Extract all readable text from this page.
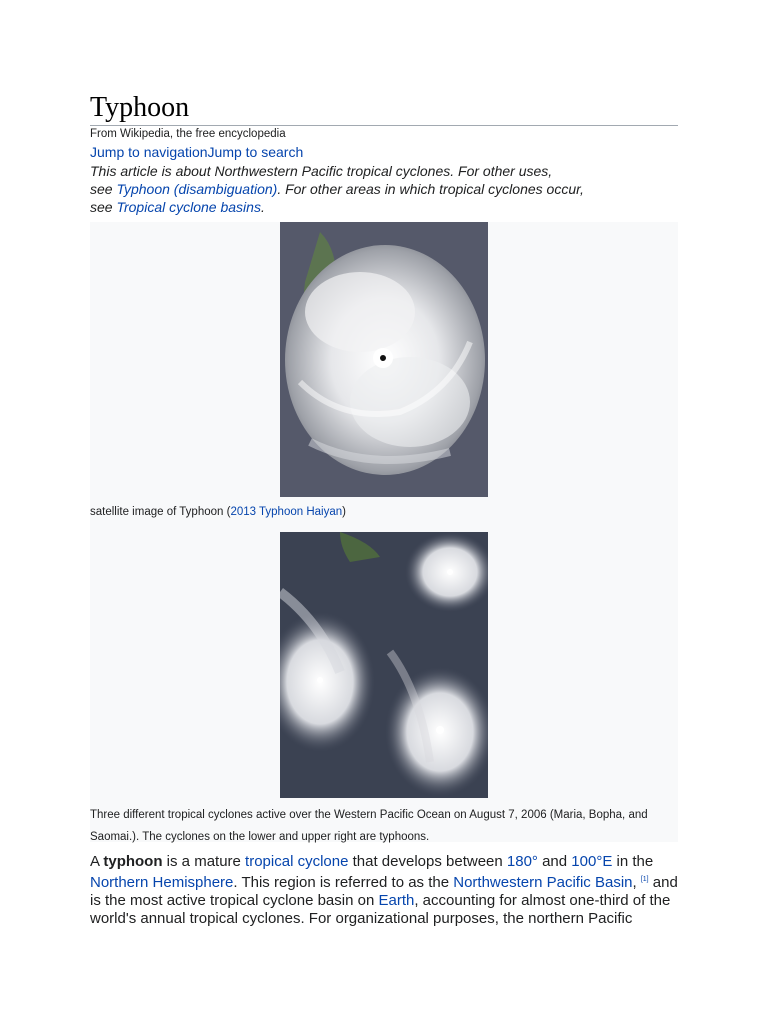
Typhoon
From Wikipedia, the free encyclopedia
Jump to navigationJump to search
This article is about Northwestern Pacific tropical cyclones. For other uses,
see Typhoon (disambiguation). For other areas in which tropical cyclones occur,
see Tropical cyclone basins.
satellite image of Typhoon (2013 Typhoon Haiyan)
Three different tropical cyclones active over the Western Pacific Ocean on August 7, 2006 (Maria, Bopha, and Saomai.). The cyclones on the lower and upper right are typhoons.
A typhoon is a mature tropical cyclone that develops between 180° and 100°E in the Northern Hemisphere. This region is referred to as the Northwestern Pacific Basin, [1] and is the most active tropical cyclone basin on Earth, accounting for almost one-third of the world's annual tropical cyclones. For organizational purposes, the northern Pacific
